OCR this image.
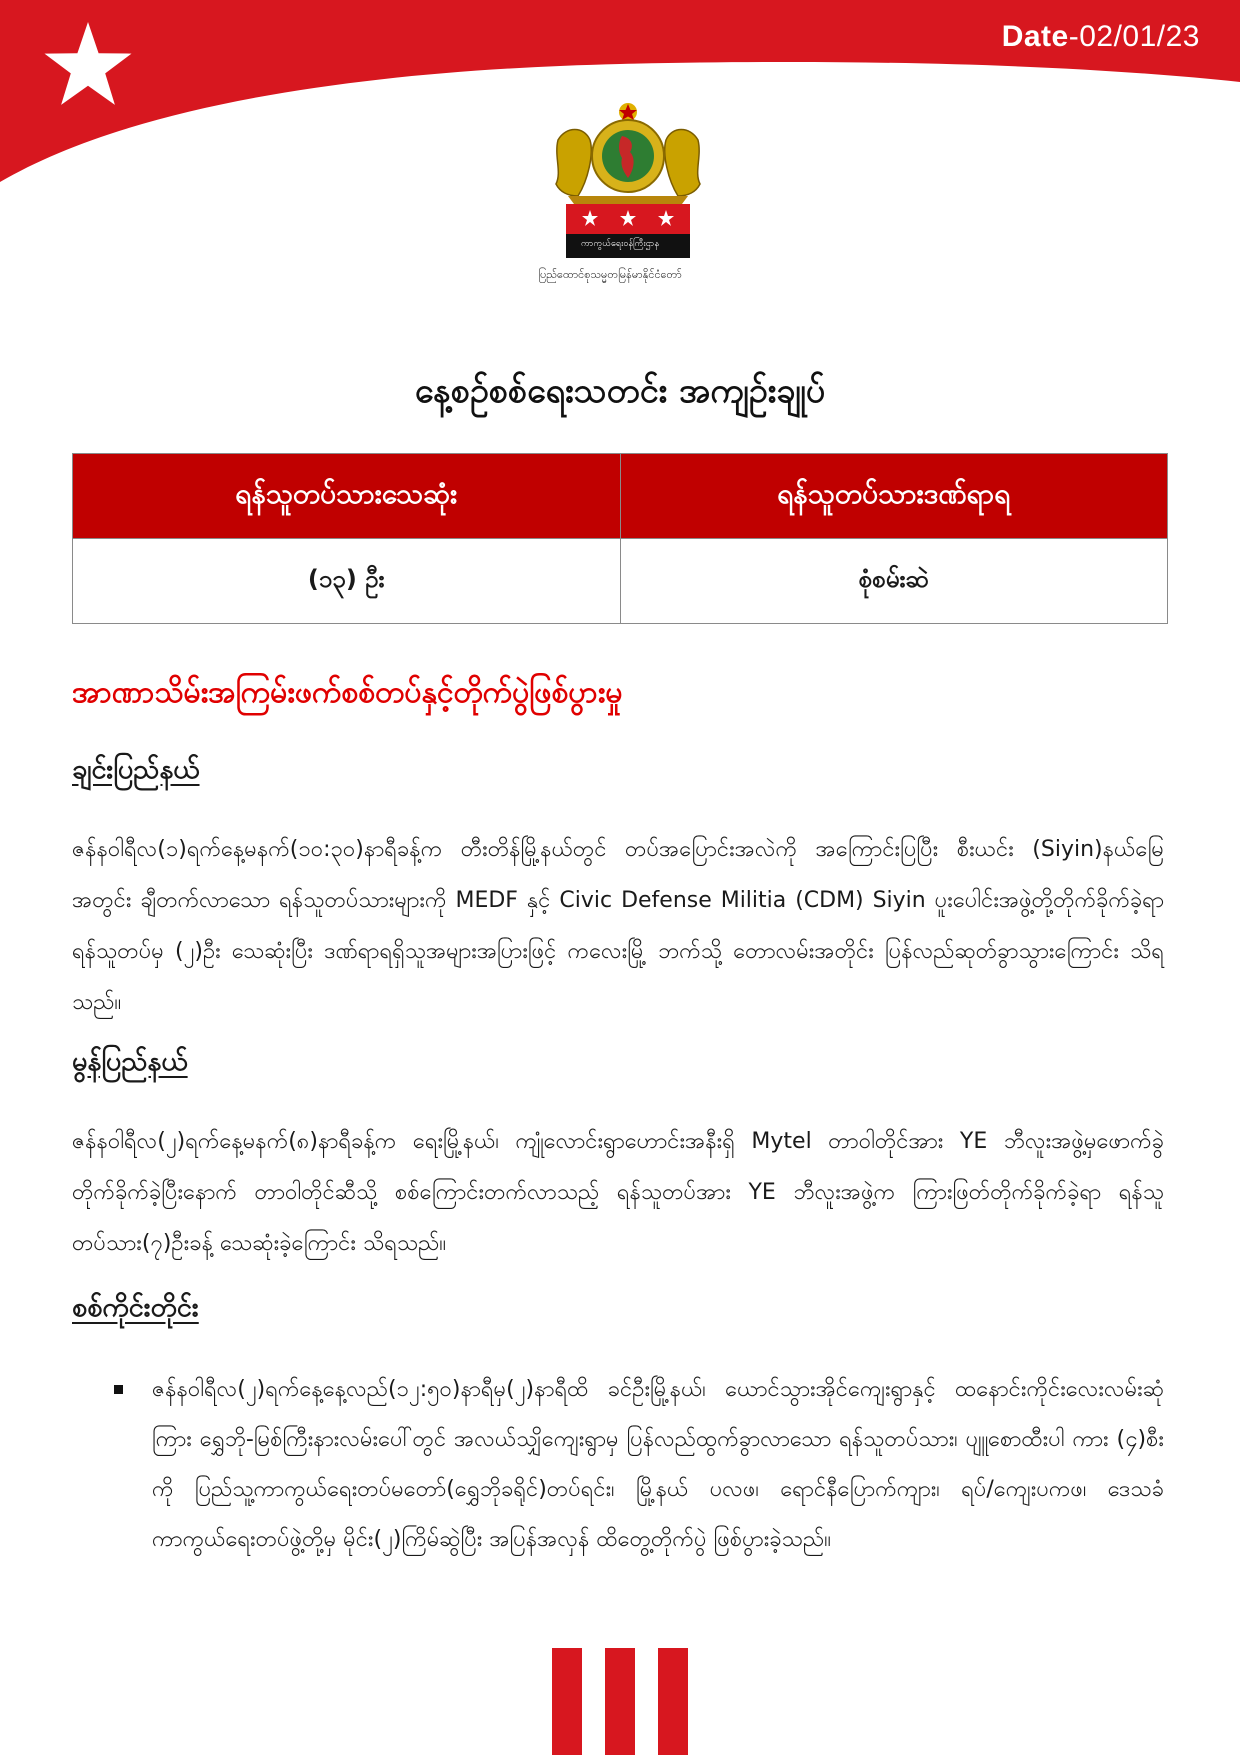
Date-02/01/23
ကာကွယ်ရေးဝန်ကြီးဌာန
ပြည်ထောင်စုသမ္မတမြန်မာနိုင်ငံတော်
နေ့စဉ်စစ်ရေးသတင်း အကျဉ်းချုပ်
ရန်သူတပ်သားသေဆုံး	ရန်သူတပ်သားဒဏ်ရာရ
(၁၃) ဦး	စုံစမ်းဆဲ
အာဏာသိမ်းအကြမ်းဖက်စစ်တပ်နှင့်တိုက်ပွဲဖြစ်ပွားမှု
ချင်းပြည်နယ်

ဇန်နဝါရီလ(၁)ရက်နေ့မနက်(၁၀:၃၀)နာရီခန့်က တီးတိန်မြို့နယ်တွင် တပ်အပြောင်းအလဲကို အကြောင်းပြပြီး စီးယင်း (Siyin)နယ်မြေအတွင်း ချီတက်လာသော ရန်သူတပ်သားများကို MEDF နှင့် Civic Defense Militia (CDM) Siyin ပူးပေါင်းအဖွဲ့တို့တိုက်ခိုက်ခဲ့ရာ ရန်သူတပ်မှ (၂)ဦး သေဆုံးပြီး ဒဏ်ရာရရှိသူအများအပြားဖြင့် ကလေးမြို့ ဘက်သို့ တောလမ်းအတိုင်း ပြန်လည်ဆုတ်ခွာသွားကြောင်း သိရသည်။

မွန်ပြည်နယ်

ဇန်နဝါရီလ(၂)ရက်နေ့မနက်(၈)နာရီခန့်က ရေးမြို့နယ်၊ ကျုံလောင်းရွာဟောင်းအနီးရှိ Mytel တာဝါတိုင်အား YE ဘီလူးအဖွဲ့မှဖောက်ခွဲတိုက်ခိုက်ခဲ့ပြီးနောက် တာဝါတိုင်ဆီသို့ စစ်ကြောင်းတက်လာသည့် ရန်သူတပ်အား YE ဘီလူးအဖွဲ့က ကြားဖြတ်တိုက်ခိုက်ခဲ့ရာ ရန်သူတပ်သား(၇)ဦးခန့် သေဆုံးခဲ့ကြောင်း သိရသည်။

စစ်ကိုင်းတိုင်း
ဇန်နဝါရီလ(၂)ရက်နေ့နေ့လည်(၁၂:၅၀)နာရီမှ(၂)နာရီထိ ခင်ဦးမြို့နယ်၊ ယောင်သွားအိုင်ကျေးရွာနှင့် ထနောင်းကိုင်းလေးလမ်းဆုံကြား ရွှေဘို-မြစ်ကြီးနားလမ်းပေါ်တွင် အလယ်သျှိကျေးရွာမှ ပြန်လည်ထွက်ခွာလာသော ရန်သူတပ်သား၊ ပျူစောထီးပါ ကား (၄)စီးကို ပြည်သူ့ကာကွယ်ရေးတပ်မတော်(ရွှေဘိုခရိုင်)တပ်ရင်း၊ မြို့နယ် ပလဖ၊ ရောင်နီပြောက်ကျား၊ ရပ်/ကျေးပကဖ၊ ဒေသခံကာကွယ်ရေးတပ်ဖွဲ့တို့မှ မိုင်း(၂)ကြိမ်ဆွဲပြီး အပြန်အလှန် ထိတွေ့တိုက်ပွဲ ဖြစ်ပွားခဲ့သည်။
